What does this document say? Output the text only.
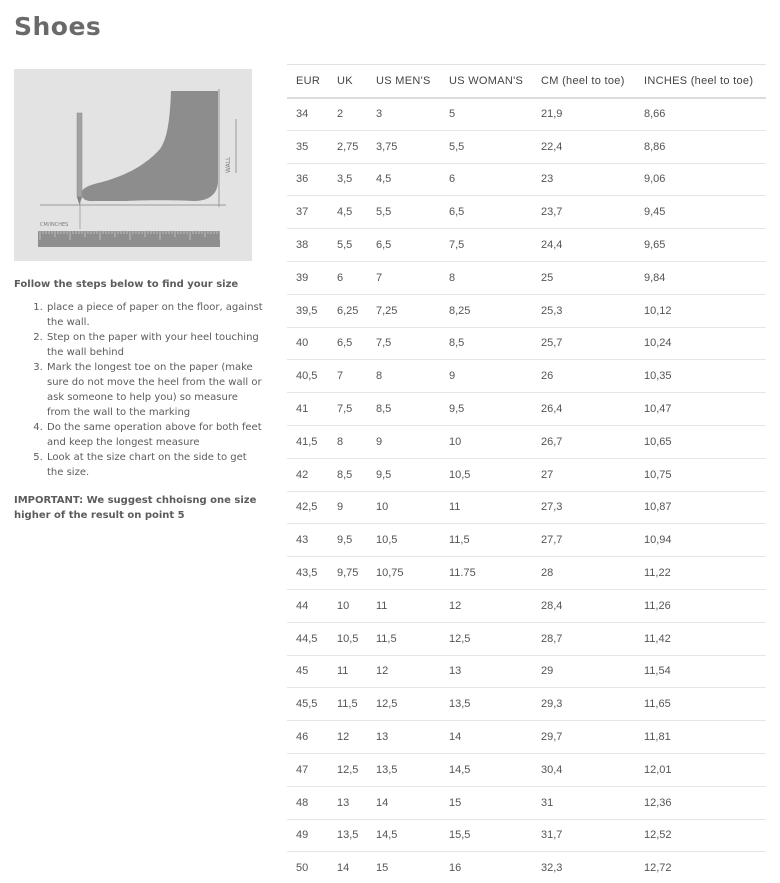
Shoes
WALL
CM/INCHES
Follow the steps below to find your size
1. place a piece of paper on the floor, against the wall.
2. Step on the paper with your heel touching the wall behind
3. Mark the longest toe on the paper (make sure do not move the heel from the wall or ask someone to help you) so measure from the wall to the marking
4. Do the same operation above for both feet and keep the longest measure
5. Look at the size chart on the side to get the size.
IMPORTANT: We suggest chhoisng one size higher of the result on point 5
EUR	UK	US MEN'S	US WOMAN'S	CM (heel to toe)	INCHES (heel to toe)
34	2	3	5	21,9	8,66
35	2,75	3,75	5,5	22,4	8,86
36	3,5	4,5	6	23	9,06
37	4,5	5,5	6,5	23,7	9,45
38	5,5	6,5	7,5	24,4	9,65
39	6	7	8	25	9,84
39,5	6,25	7,25	8,25	25,3	10,12
40	6,5	7,5	8,5	25,7	10,24
40,5	7	8	9	26	10,35
41	7,5	8,5	9,5	26,4	10,47
41,5	8	9	10	26,7	10,65
42	8,5	9,5	10,5	27	10,75
42,5	9	10	11	27,3	10,87
43	9,5	10,5	11,5	27,7	10,94
43,5	9,75	10,75	11.75	28	11,22
44	10	11	12	28,4	11,26
44,5	10,5	11,5	12,5	28,7	11,42
45	11	12	13	29	11,54
45,5	11,5	12,5	13,5	29,3	11,65
46	12	13	14	29,7	11,81
47	12,5	13,5	14,5	30,4	12,01
48	13	14	15	31	12,36
49	13,5	14,5	15,5	31,7	12,52
50	14	15	16	32,3	12,72
